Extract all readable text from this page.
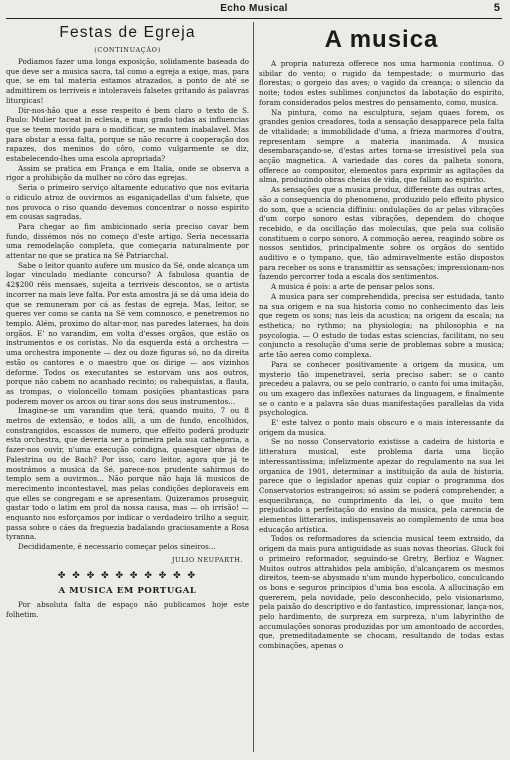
Echo Musical	5
Festas de Egreja
(CONTINUAÇÃO)

Podiamos fazer uma longa exposição, solidamente baseada do que deve ser a musica sacra, tal como a egreja a exige, mas, para que, se em tal materia estamos atrazados, a ponto de até se admittirem os terriveis e intoleraveis falsetes gritando ás palavras liturgicas!

Dir-nos-hão que a esse respeito é bem claro o texto de S. Paulo: Mulier taceat in eclesia, e mau grado todas as influencias que se teem movido para o modificar, se mantem inabalavel. Mas para obstar a essa falta, porque se não recorre á cooperação dos rapazes, dos meninos do côro, como vulgarmente se diz, estabelecendo-lhes uma escola apropriada?

Assim se pratica em França e em Italia, onde se observa a rigor a prohibição da mulher no côro das egrejas.

Seria o primeiro serviço altamente educativo que nos evitaria o ridiculo atroz de ouvirmos as esganiçadellas d'um falsete, que nos provoca o riso quando devemos concentrar o nosso espirito em cousas sagradas.

Para chegar ao fim ambicionado seria preciso cavar bem fundo, dissémos nós no começo d'este artigo. Seria necessaria uma remodelação completa, que começaria naturalmente por attentar no que se pratica na Sé Patriarchal.

Sabe o leitor quanto aufere um musico da Sé, onde alcança um logar vinculado mediante concurso? A fabulosa quantia de 42$200 réis mensaes, sujeita a terriveis descontos, se o artista incorrer na mais leve falta. Por esta amostra já se dá uma ideia do que se remuneram por cá as festas de egreja. Mas, leitor, se queres ver como se canta na Sé vem comnosco, e penetremos no templo. Além, proximo do altar-mor, nas paredes lateraes, ha dois orgãos. E' no varandim, em volta d'esses orgãos, que estão os instrumentos e os coristas. No da esquerda está a orchestra — uma orchestra imponente — dez ou doze figuras só, no da direita estão os cantores e o maestro que os dirige — aos vizinhos deforme. Todos os executantes se estorvam uns aos outros, porque não cabem no acanhado recinto; os rabequistas, a flauta, as trompas, o violoncello tomam posições phantasticas para poderem mover os arcos ou tirar sons dos seus instrumentos...

Imagine-se um varandim que terá, quando muito, 7 ou 8 metros de extensão, e todos alli, a um de fundo, encolhidos, constrangidos, escassos de numero, que effeito poderá produzir esta orchestra, que deveria ser a primeira pela sua cathegoria, a fazer-nos ouvir, n'uma execução condigna, quaesquer obras de Palestrina ou de Bach? Por isso, caro leitor, agora que já te mostrámos a musica da Sé, parece-nos prudente sahirmos do templo sem a ouvirmos... Não porque não haja lá musicos de merecimento incontestavel, mas pelas condições deploraveis em que elles se congregam e se apresentam. Quizeramos proseguir, gastar todo o latim em prol da nossa causa, mas — oh irrisão! — enquanto nos esforçamos por indicar o verdadeiro trilho a seguir, passa sobre o cáes da freguezia badalando graciosamente a Rosa tyranna.

Decididamente, é necessario começar pelos sineiros...

JULIO NEUPARTH.
✤ ✤ ✤ ✤ ✤ ✤ ✤ ✤ ✤ ✤
A MUSICA EM PORTUGAL

Por absoluta falta de espaço não publicamos hoje este folhetim.

A musica

A propria natureza offerece nos uma harmonia continua. O sibilar do vento; o rugido da tempestade; o murmurio das florestas; o gorgeio das aves; o vagido da creança; o silencio da noite; todos estes sublimes conjunctos da labotação do espirito, foram considerados pelos mestres do pensamento, como, musica.

Na pintura, como na esculptura, sejam quaes forem, os grandes genios creadores, toda a sensação desapparece pela falta de vitalidade; a immobilidade d'uma, a frieza marmorea d'outra, representam sempre a materia inanimada. A musica desembaraçando-se, d'estas artes torna-se irresistivel pela sua acção magnetica. A variedade das cores da palheta sonora, offerece ao compositor, elementos para exprimir as agitações da alma, produzindo obras cheias de vida, que fallam ao espirito.

As sensações que a musica produz, differente das outras artes, são a consequencia do phenomeno, produzido pelo effeito physico do som, que a sciencia diffiniu: ondulações do ar pelas vibrações d'um corpo sonoro estas vibrações, dependem do choque recebido, e da oscillação das moleculas, que pela sua colisão constituem o corpo sonoro. A commoção aerea, reagindo sobre os nossos sentidos, principalmente sobre os orgãos do sentido auditivo e o tympano, que, tão admiravelmente estão dispostos para receber os sons e transmittir as sensações; impressionam-nos fazendo percorrer toda a escala dos sentimentos.

A musica é pois: a arte de pensar pelos sons.

A musica para ser comprehendida, precisa ser estudada, tanto na sua origem e na sua historia como no conhecimento das leis que regem os sons; nas leis da acustica; na origem da escala; na esthetica; no rythmo; na physiologia; na philosophia e na psycologia. — O estudo de todas estas sciencias, facilitam, no seu conjuncto a resolução d'uma serie de problemas sobre a musica; arte tão aerea como complexa.

Para se conhecer positivamente a origem da musica, um mysterio tão impenetravel, seria preciso saber: se o canto precedeu a palavra, ou se pelo contrario, o canto foi uma imitação, ou um exagero das inflexões naturaes da linguagem, e finalmente se o canto e a palavra são duas manifestações parallelas da vida psychologica.

E' este talvez o ponto mais obscuro e o mais interessante da origem da musica.

Se no nosso Conservatorio existisse a cadeira de historia e litteratura musical, este problema daria uma licção interessantissima; infelizmente apezar do regulamento na sua lei organica de 1901, determinar a instituição da aula de historia, parece que o legislador apenas quiz copiar o programma dos Conservatorios estrangeiros; só assim se poderá comprehender, a esquecibrança, no cumprimento da lei, o que muito tem prejudicado a perfeitação do ensino da musica, pela carencia de elementos litterarios, indispensaveis ao complemento de uma boa educação artistica.

Todos os reformadores da sciencia musical teem extraido, da origem da mais pura antiguidade as suas novas theorias. Gluck foi o primeiro reformador, seguindo-se Gretry, Berlioz e Wagner. Muitos outros attrahidos pela ambição, d'alcançarem os mesmos direitos, teem-se abysmado n'um mundo hyperbolico, conculcando os bons e seguros principios d'uma boa escola. A allucinação em quererem, pela novidade, pelo desconhecido, pelo visionarismo, pela paixão do descriptivo e do fantastico, impressionar, lança-nos, pelo hardimento, de surpreza em surpreza, n'um labyrintho de accumulações sonoras produzidas por um amontoado de accordes, que, premeditadamente se chocam, resultando de todas estas combinações, apenas o
